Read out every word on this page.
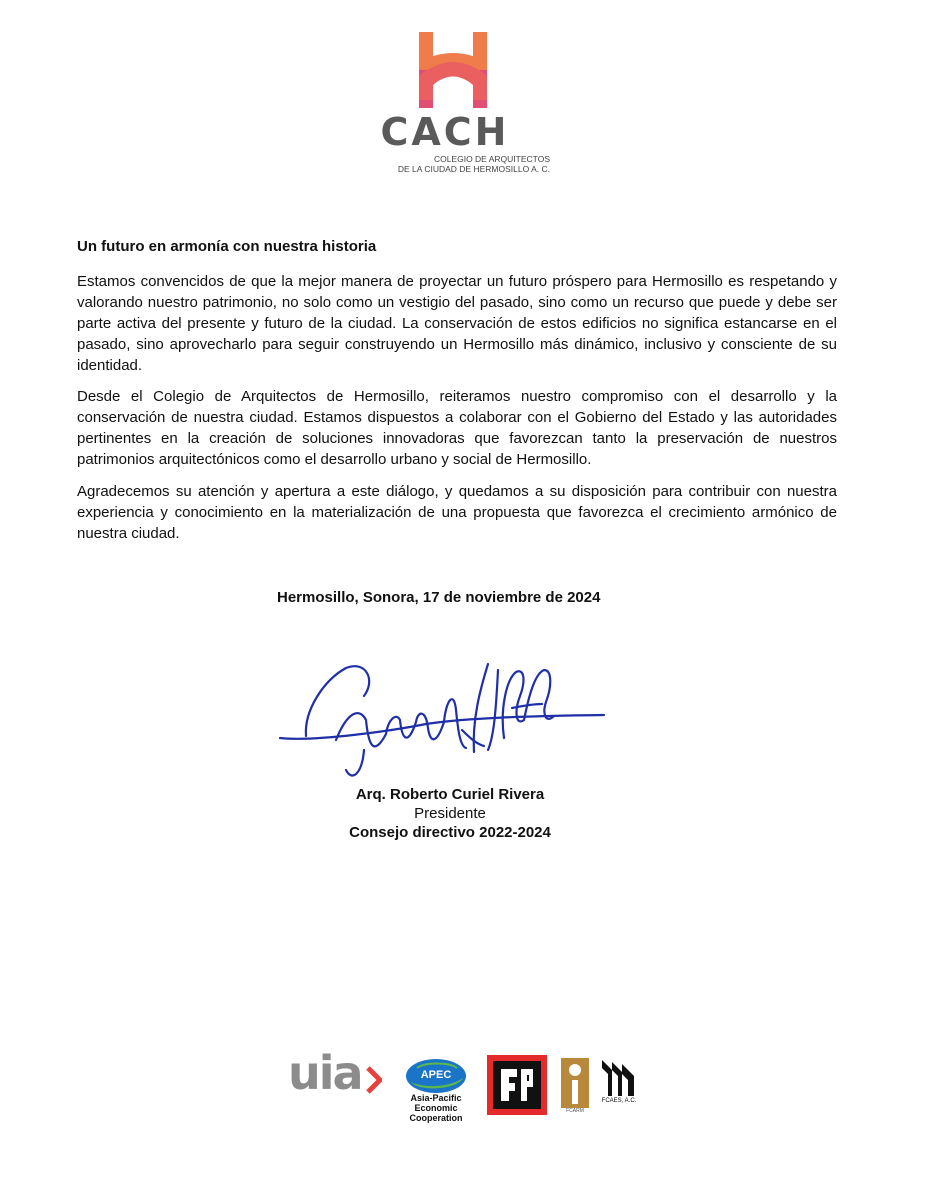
CACH
COLEGIO DE ARQUITECTOS
DE LA CIUDAD DE HERMOSILLO A. C.
Un futuro en armonía con nuestra historia
Estamos convencidos de que la mejor manera de proyectar un futuro próspero para Hermosillo es respetando y valorando nuestro patrimonio, no solo como un vestigio del pasado, sino como un recurso que puede y debe ser parte activa del presente y futuro de la ciudad. La conservación de estos edificios no significa estancarse en el pasado, sino aprovecharlo para seguir construyendo un Hermosillo más dinámico, inclusivo y consciente de su identidad.
Desde el Colegio de Arquitectos de Hermosillo, reiteramos nuestro compromiso con el desarrollo y la conservación de nuestra ciudad. Estamos dispuestos a colaborar con el Gobierno del Estado y las autoridades pertinentes en la creación de soluciones innovadoras que favorezcan tanto la preservación de nuestros patrimonios arquitectónicos como el desarrollo urbano y social de Hermosillo.
Agradecemos su atención y apertura a este diálogo, y quedamos a su disposición para contribuir con nuestra experiencia y conocimiento en la materialización de una propuesta que favorezca el crecimiento armónico de nuestra ciudad.
Hermosillo, Sonora, 17 de noviembre de 2024
Arq. Roberto Curiel Rivera
Presidente
Consejo directivo 2022-2024
uia	APEC
Asia-Pacific
Economic Cooperation
FCARM
FCAES, A.C.
